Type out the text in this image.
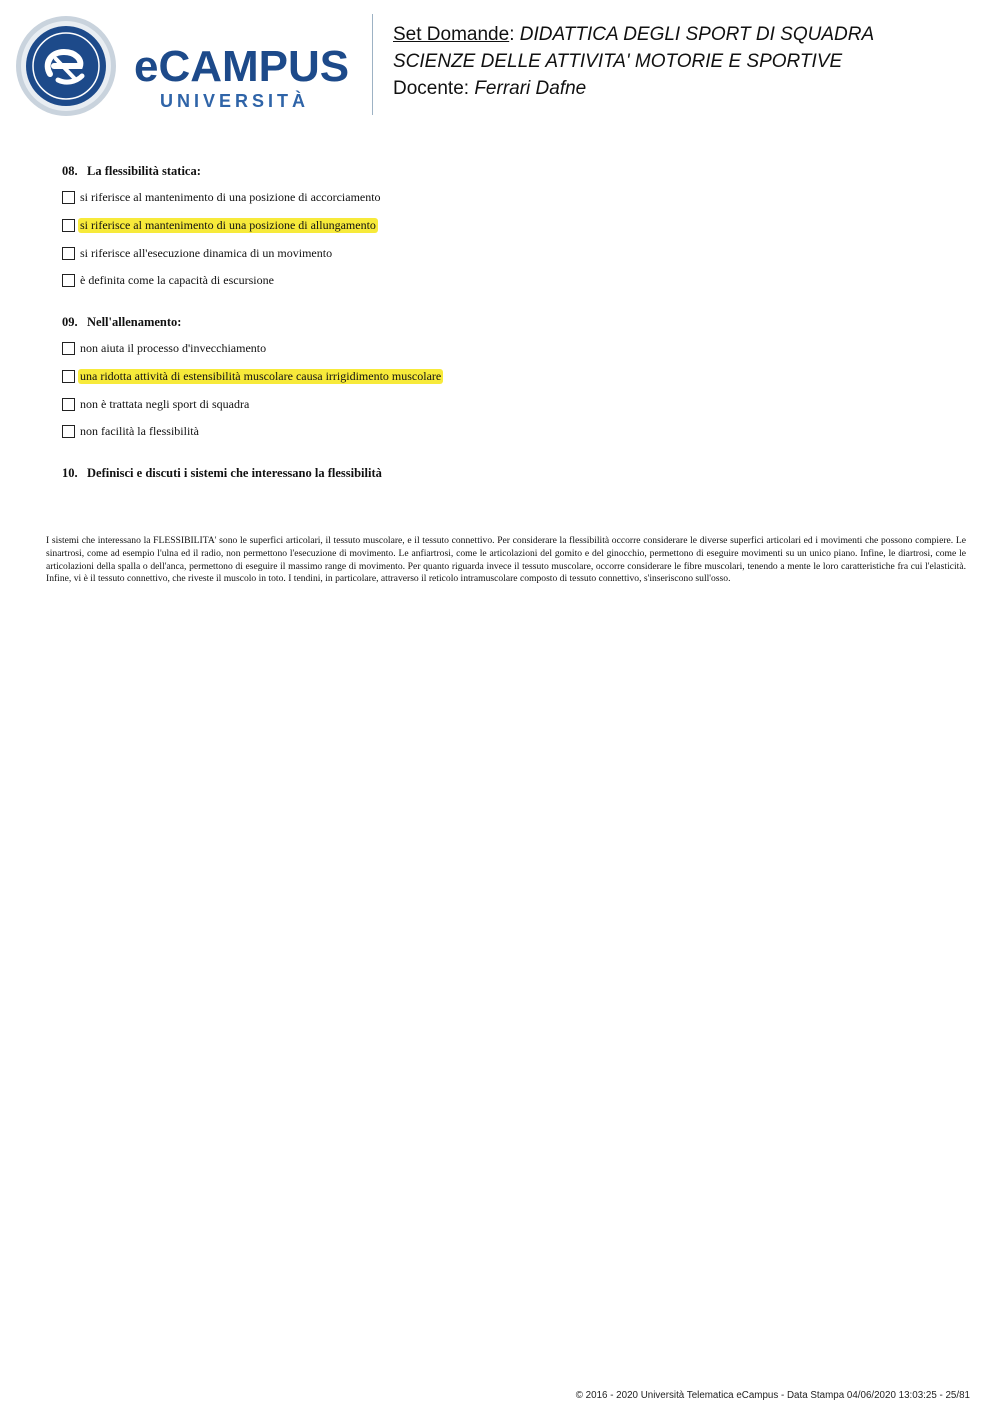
eCAMPUS
UNIVERSITÀ
Set Domande: DIDATTICA DEGLI SPORT DI SQUADRA
SCIENZE DELLE ATTIVITA' MOTORIE E SPORTIVE
Docente: Ferrari Dafne
08. La flessibilità statica:
si riferisce al mantenimento di una posizione di accorciamento
si riferisce al mantenimento di una posizione di allungamento
si riferisce all'esecuzione dinamica di un movimento
è definita come la capacità di escursione
09. Nell'allenamento:
non aiuta il processo d'invecchiamento
una ridotta attività di estensibilità muscolare causa irrigidimento muscolare
non è trattata negli sport di squadra
non facilità la flessibilità
10. Definisci e discuti i sistemi che interessano la flessibilità
I sistemi che interessano la FLESSIBILITA' sono le superfici articolari, il tessuto muscolare, e il tessuto connettivo. Per considerare la flessibilità occorre considerare le diverse superfici articolari ed i movimenti che possono compiere. Le sinartrosi, come ad esempio l'ulna ed il radio, non permettono l'esecuzione di movimento. Le anfiartrosi, come le articolazioni del gomito e del ginocchio, permettono di eseguire movimenti su un unico piano. Infine, le diartrosi, come le articolazioni della spalla o dell'anca, permettono di eseguire il massimo range di movimento. Per quanto riguarda invece il tessuto muscolare, occorre considerare le fibre muscolari, tenendo a mente le loro caratteristiche fra cui l'elasticità. Infine, vi è il tessuto connettivo, che riveste il muscolo in toto. I tendini, in particolare, attraverso il reticolo intramuscolare composto di tessuto connettivo, s'inseriscono sull'osso.
© 2016 - 2020 Università Telematica eCampus - Data Stampa 04/06/2020 13:03:25 - 25/81
